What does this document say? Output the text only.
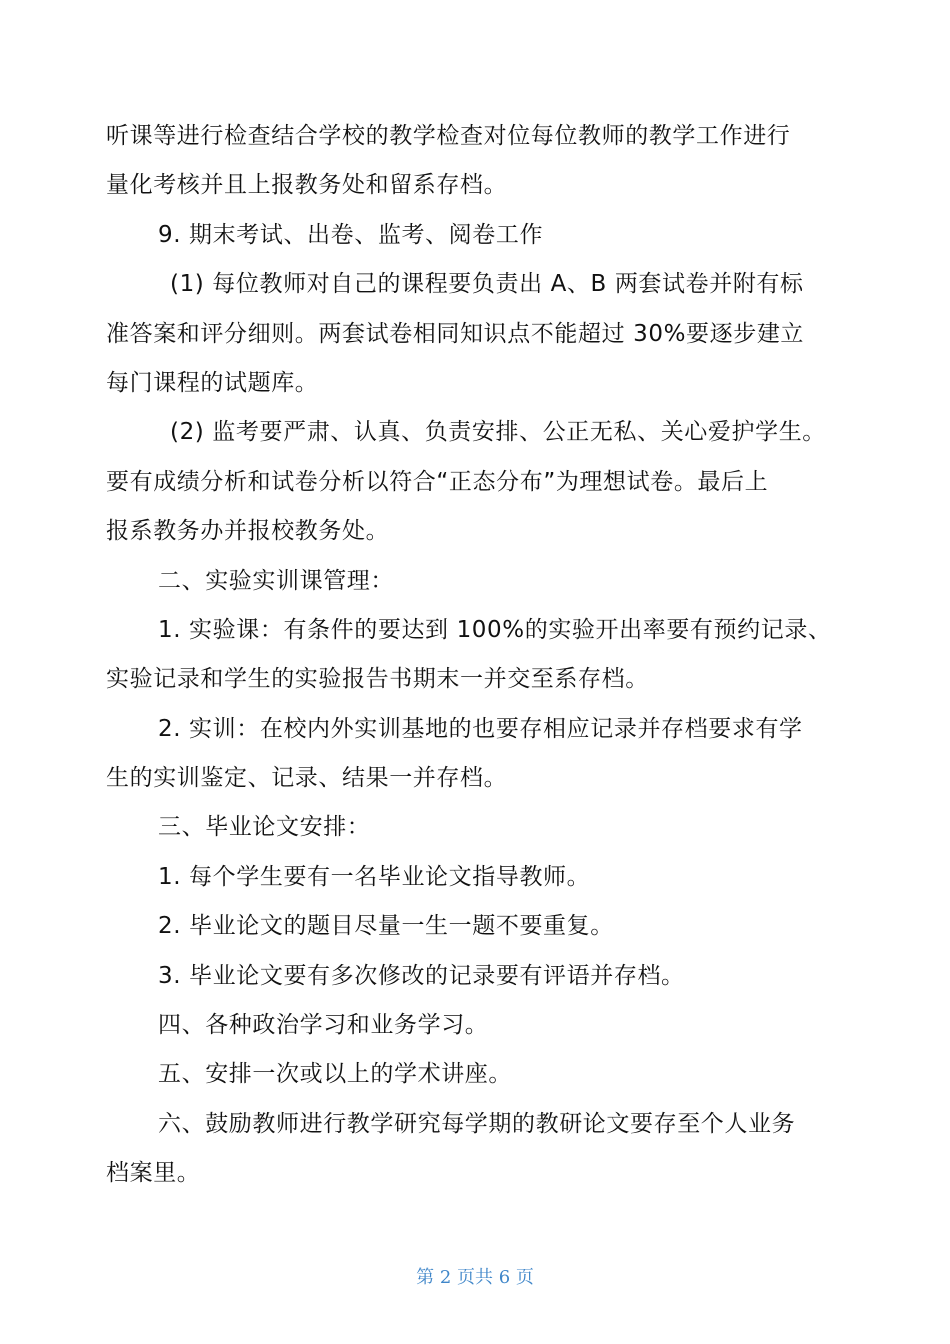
听课等进行检查结合学校的教学检查对位每位教师的教学工作进行
量化考核并且上报教务处和留系存档。
9. 期末考试、出卷、监考、阅卷工作
(1) 每位教师对自己的课程要负责出 A、B 两套试卷并附有标
准答案和评分细则。两套试卷相同知识点不能超过 30%要逐步建立
每门课程的试题库。
(2) 监考要严肃、认真、负责安排、公正无私、关心爱护学生。
要有成绩分析和试卷分析以符合“正态分布”为理想试卷。最后上
报系教务办并报校教务处。
二、实验实训课管理：
1. 实验课：有条件的要达到 100%的实验开出率要有预约记录、
实验记录和学生的实验报告书期末一并交至系存档。
2. 实训：在校内外实训基地的也要存相应记录并存档要求有学
生的实训鉴定、记录、结果一并存档。
三、毕业论文安排：
1. 每个学生要有一名毕业论文指导教师。
2. 毕业论文的题目尽量一生一题不要重复。
3. 毕业论文要有多次修改的记录要有评语并存档。
四、各种政治学习和业务学习。
五、安排一次或以上的学术讲座。
六、鼓励教师进行教学研究每学期的教研论文要存至个人业务
档案里。
第 2 页共 6 页
